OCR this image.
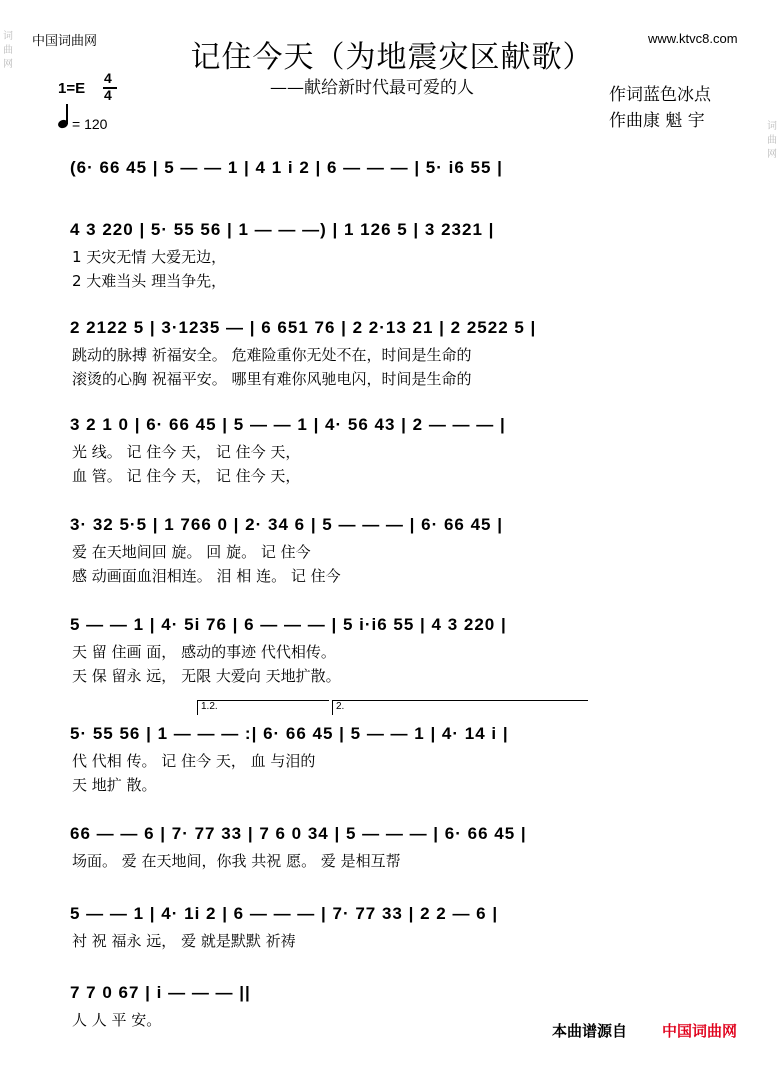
中国词曲网	www.ktvc8.com
记住今天（为地震灾区献歌）
——献给新时代最可爱的人
1=E
4
4
= 120
作词蓝色冰点
作曲康 魁 宇
词曲网
词曲网
1.2.	2.
(6· 66 45 | 5 — — 1 | 4 1 i 2 | 6 — — — | 5· i6 55 |
4 3 220 | 5· 55 56 | 1 — — —) | 1 126 5 | 3 2321 |
1 天灾无情 大爱无边，
2 大难当头 理当争先，
2 2122 5 | 3·1235 — | 6 651 76 | 2 2·13 21 | 2 2522 5 |
跳动的脉搏 祈福安全。 危难险重你无处不在，时间是生命的
滚烫的心胸 祝福平安。 哪里有难你风驰电闪，时间是生命的
3 2 1 0 | 6· 66 45 | 5 — — 1 | 4· 56 43 | 2 — — — |
光 线。 记 住今 天， 记 住今 天，
血 管。 记 住今 天， 记 住今 天，
3· 32 5·5 | 1 766 0 | 2· 34 6 | 5 — — — | 6· 66 45 |
爱 在天地间回 旋。 回 旋。 记 住今
感 动画面血泪相连。 泪 相 连。 记 住今
5 — — 1 | 4· 5i 76 | 6 — — — | 5 i·i6 55 | 4 3 220 |
天 留 住画 面， 感动的事迹 代代相传。
天 保 留永 远， 无限 大爱向 天地扩散。
5· 55 56 | 1 — — — :| 6· 66 45 | 5 — — 1 | 4· 14 i |
代 代相 传。 记 住今 天， 血 与泪的
天 地扩 散。
66 — — 6 | 7· 77 33 | 7 6 0 34 | 5 — — — | 6· 66 45 |
场面。 爱 在天地间，你我 共祝 愿。 爱 是相互帮
5 — — 1 | 4· 1i 2 | 6 — — — | 7· 77 33 | 2 2 — 6 |
衬 祝 福永 远， 爱 就是默默 祈祷
7 7 0 67 | i — — — ||
人 人 平 安。
本曲谱源自 中国词曲网
